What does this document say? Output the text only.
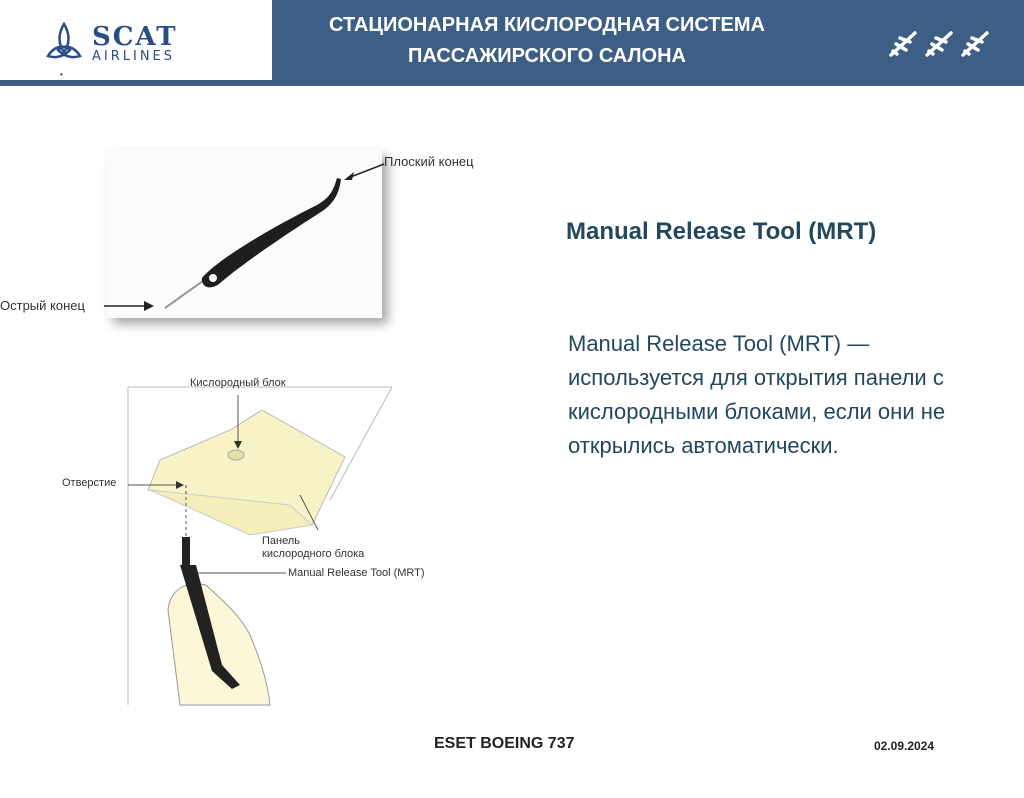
SCAT
AIRLINES
•
СТАЦИОНАРНАЯ КИСЛОРОДНАЯ СИСТЕМА
ПАССАЖИРСКОГО САЛОНА
Плоский конец
Острый конец
Кислородный блок
Отверстие
Панель
кислородного блока
Manual Release Tool (MRT)
Manual Release Tool (MRT)
Manual Release Tool (MRT) — используется для открытия панели с кислородными блоками, если они не открылись автоматически.
ESET BOEING 737	02.09.2024
